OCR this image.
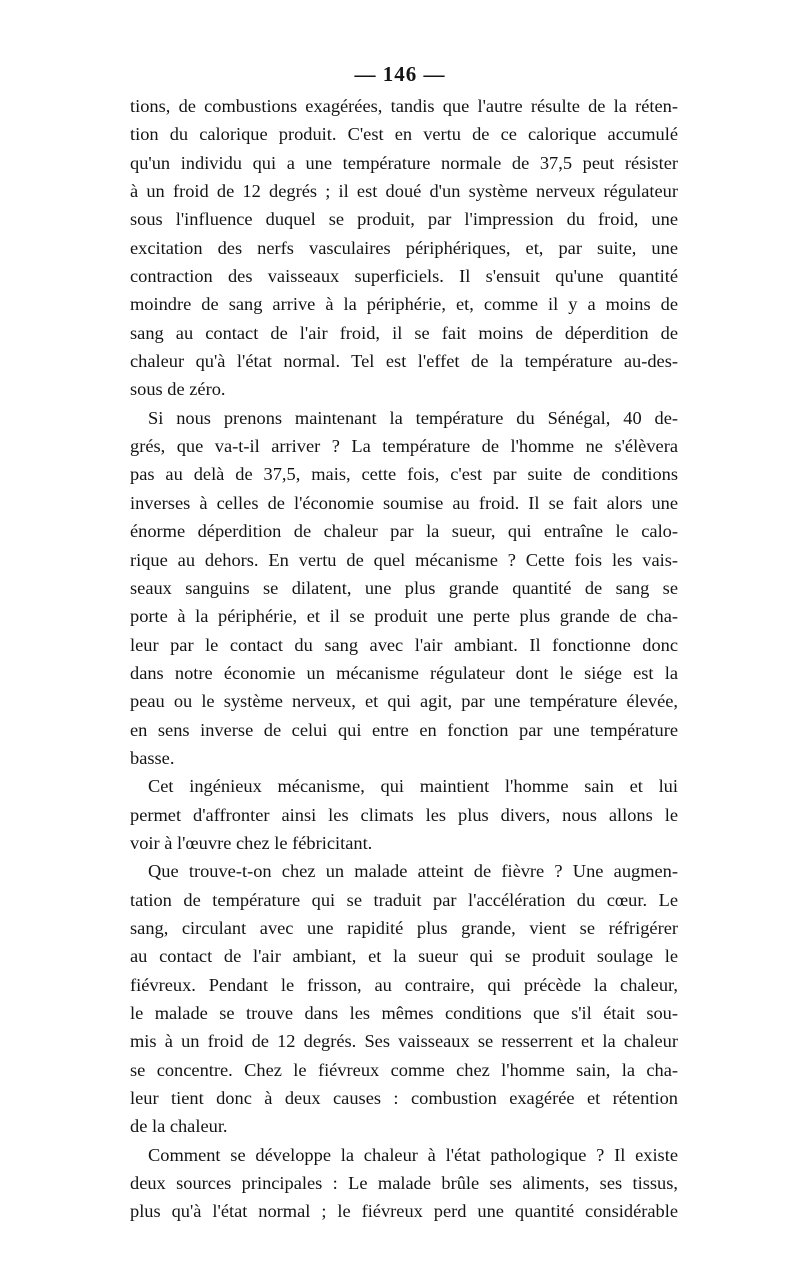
— 146 —
tions, de combustions exagérées, tandis que l'autre résulte de la réten-
tion du calorique produit. C'est en vertu de ce calorique accumulé
qu'un individu qui a une température normale de 37,5 peut résister
à un froid de 12 degrés ; il est doué d'un système nerveux régulateur
sous l'influence duquel se produit, par l'impression du froid, une
excitation des nerfs vasculaires périphériques, et, par suite, une
contraction des vaisseaux superficiels. Il s'ensuit qu'une quantité
moindre de sang arrive à la périphérie, et, comme il y a moins de
sang au contact de l'air froid, il se fait moins de déperdition de
chaleur qu'à l'état normal. Tel est l'effet de la température au-des-
sous de zéro.
Si nous prenons maintenant la température du Sénégal, 40 de-
grés, que va-t-il arriver ? La température de l'homme ne s'élèvera
pas au delà de 37,5, mais, cette fois, c'est par suite de conditions
inverses à celles de l'économie soumise au froid. Il se fait alors une
énorme déperdition de chaleur par la sueur, qui entraîne le calo-
rique au dehors. En vertu de quel mécanisme ? Cette fois les vais-
seaux sanguins se dilatent, une plus grande quantité de sang se
porte à la périphérie, et il se produit une perte plus grande de cha-
leur par le contact du sang avec l'air ambiant. Il fonctionne donc
dans notre économie un mécanisme régulateur dont le siége est la
peau ou le système nerveux, et qui agit, par une température élevée,
en sens inverse de celui qui entre en fonction par une température
basse.
Cet ingénieux mécanisme, qui maintient l'homme sain et lui
permet d'affronter ainsi les climats les plus divers, nous allons le
voir à l'œuvre chez le fébricitant.
Que trouve-t-on chez un malade atteint de fièvre ? Une augmen-
tation de température qui se traduit par l'accélération du cœur. Le
sang, circulant avec une rapidité plus grande, vient se réfrigérer
au contact de l'air ambiant, et la sueur qui se produit soulage le
fiévreux. Pendant le frisson, au contraire, qui précède la chaleur,
le malade se trouve dans les mêmes conditions que s'il était sou-
mis à un froid de 12 degrés. Ses vaisseaux se resserrent et la chaleur
se concentre. Chez le fiévreux comme chez l'homme sain, la cha-
leur tient donc à deux causes : combustion exagérée et rétention
de la chaleur.
Comment se développe la chaleur à l'état pathologique ? Il existe
deux sources principales : Le malade brûle ses aliments, ses tissus,
plus qu'à l'état normal ; le fiévreux perd une quantité considérable
